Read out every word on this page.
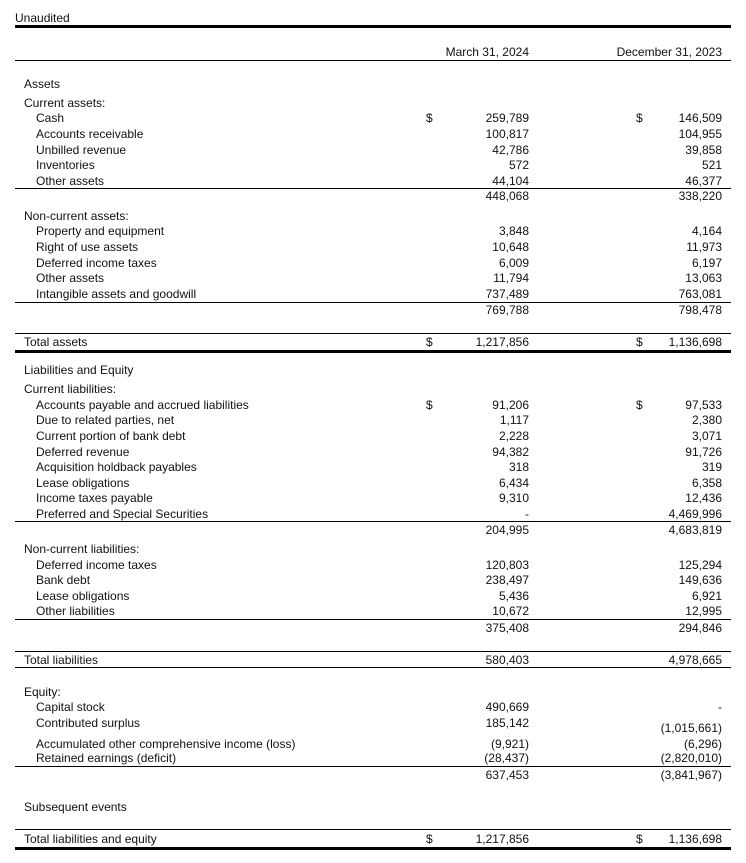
Unaudited
March 31, 2024	December 31, 2023
Assets
Current assets:
Cash	$	259,789	$	146,509
Accounts receivable	100,817	104,955
Unbilled revenue	42,786	39,858
Inventories	572	521
Other assets	44,104	46,377
448,068	338,220
Non-current assets:
Property and equipment	3,848	4,164
Right of use assets	10,648	11,973
Deferred income taxes	6,009	6,197
Other assets	11,794	13,063
Intangible assets and goodwill	737,489	763,081
769,788	798,478
Total assets	$	1,217,856	$ 1,136,698
Liabilities and Equity
Current liabilities:
Accounts payable and accrued liabilities	$	91,206	$	97,533
Due to related parties, net	1,117	2,380
Current portion of bank debt	2,228	3,071
Deferred revenue	94,382	91,726
Acquisition holdback payables	318	319
Lease obligations	6,434	6,358
Income taxes payable	9,310	12,436
Preferred and Special Securities	-	4,469,996
204,995	4,683,819
Non-current liabilities:
Deferred income taxes	120,803	125,294
Bank debt	238,497	149,636
Lease obligations	5,436	6,921
Other liabilities	10,672	12,995
375,408	294,846
Total liabilities	580,403	4,978,665
Equity:
Capital stock	490,669	-
Contributed surplus	185,142	(1,015,661)
Accumulated other comprehensive income (loss)	(9,921)	(6,296)
Retained earnings (deficit)	(28,437)	(2,820,010)
637,453	(3,841,967)
Subsequent events
Total liabilities and equity	$	1,217,856	$ 1,136,698
